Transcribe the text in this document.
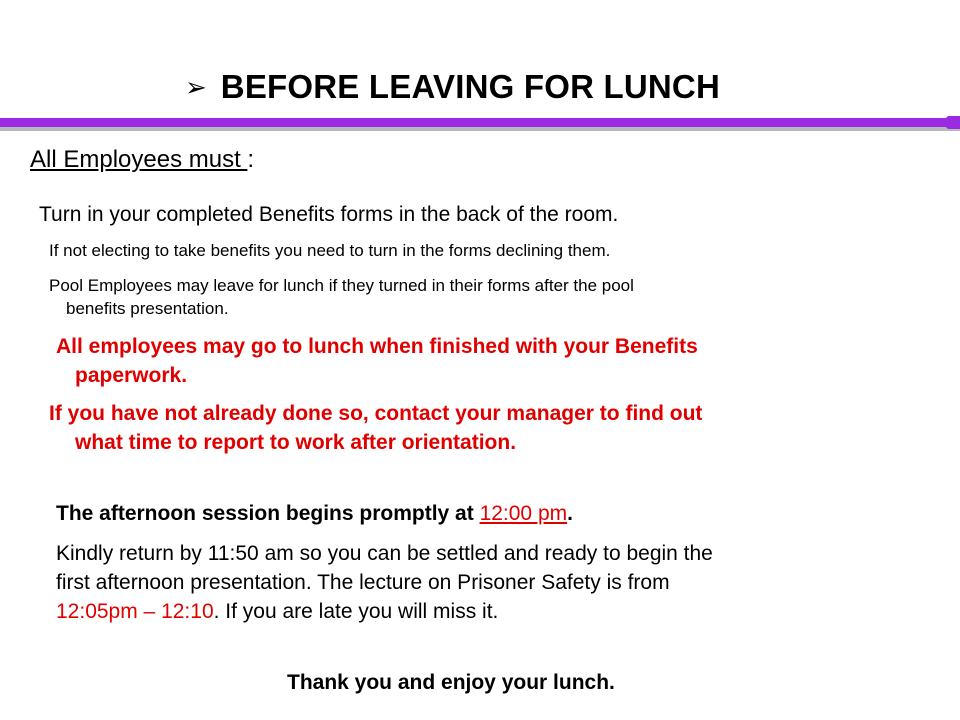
➢ BEFORE LEAVING FOR LUNCH
All Employees must :
Turn in your completed Benefits forms in the back of the room.
If not electing to take benefits you need to turn in the forms declining them.
Pool Employees may leave for lunch if they turned in their forms after the pool
benefits presentation.
All employees may go to lunch when finished with your Benefits
paperwork.
If you have not already done so, contact your manager to find out
what time to report to work after orientation.
The afternoon session begins promptly at 12:00 pm.
Kindly return by 11:50 am so you can be settled and ready to begin the
first afternoon presentation. The lecture on Prisoner Safety is from
12:05pm – 12:10. If you are late you will miss it.
Thank you and enjoy your lunch.
